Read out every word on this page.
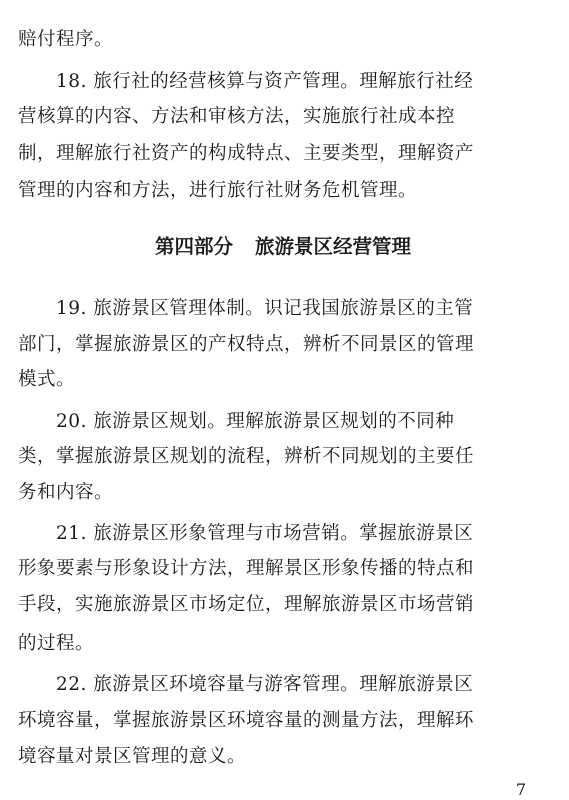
赔付程序。
　　18. 旅行社的经营核算与资产管理。理解旅行社经
营核算的内容、方法和审核方法，实施旅行社成本控
制，理解旅行社资产的构成特点、主要类型，理解资产
管理的内容和方法，进行旅行社财务危机管理。
第四部分 旅游景区经营管理
　　19. 旅游景区管理体制。识记我国旅游景区的主管
部门，掌握旅游景区的产权特点，辨析不同景区的管理
模式。
　　20. 旅游景区规划。理解旅游景区规划的不同种
类，掌握旅游景区规划的流程，辨析不同规划的主要任
务和内容。
　　21. 旅游景区形象管理与市场营销。掌握旅游景区
形象要素与形象设计方法，理解景区形象传播的特点和
手段，实施旅游景区市场定位，理解旅游景区市场营销
的过程。
　　22. 旅游景区环境容量与游客管理。理解旅游景区
环境容量，掌握旅游景区环境容量的测量方法，理解环
境容量对景区管理的意义。
7
